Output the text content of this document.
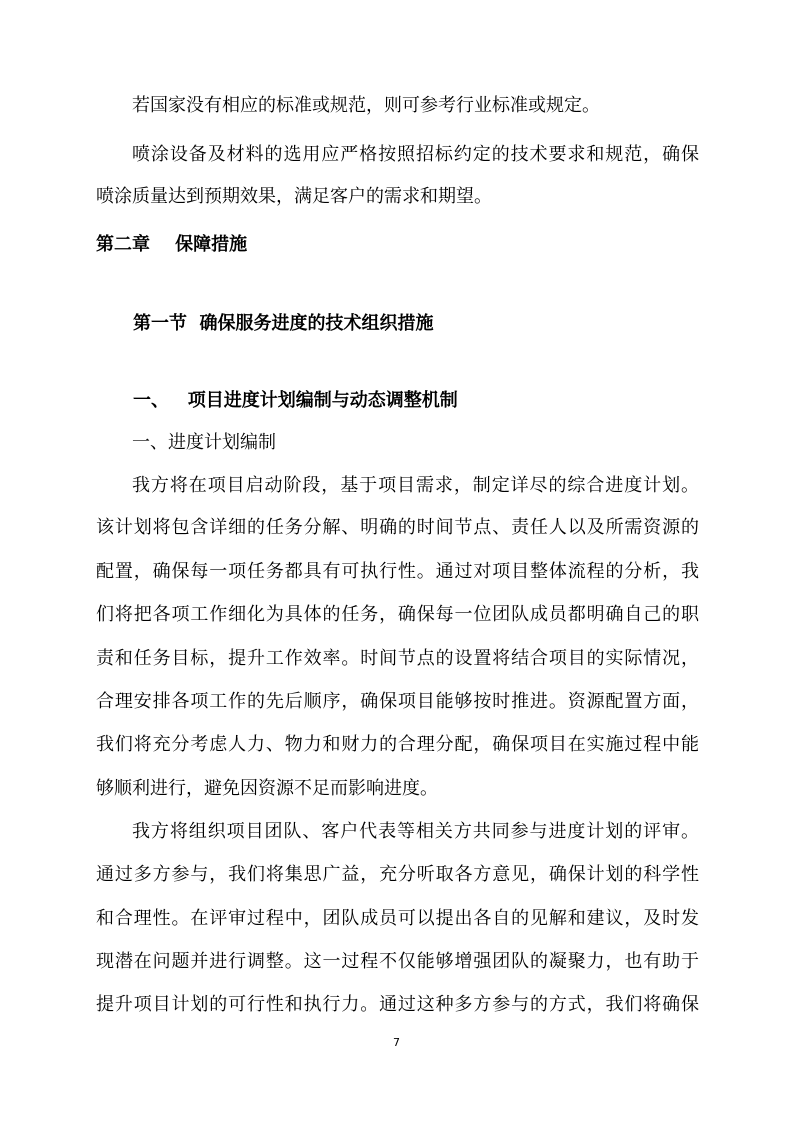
若国家没有相应的标准或规范，则可参考行业标准或规定。
喷涂设备及材料的选用应严格按照招标约定的技术要求和规范，确保
喷涂质量达到预期效果，满足客户的需求和期望。
第二章    保障措施
第一节  确保服务进度的技术组织措施
一、   项目进度计划编制与动态调整机制
一、进度计划编制
我方将在项目启动阶段，基于项目需求，制定详尽的综合进度计划。
该计划将包含详细的任务分解、明确的时间节点、责任人以及所需资源的
配置，确保每一项任务都具有可执行性。通过对项目整体流程的分析，我
们将把各项工作细化为具体的任务，确保每一位团队成员都明确自己的职
责和任务目标，提升工作效率。时间节点的设置将结合项目的实际情况，
合理安排各项工作的先后顺序，确保项目能够按时推进。资源配置方面，
我们将充分考虑人力、物力和财力的合理分配，确保项目在实施过程中能
够顺利进行，避免因资源不足而影响进度。
我方将组织项目团队、客户代表等相关方共同参与进度计划的评审。
通过多方参与，我们将集思广益，充分听取各方意见，确保计划的科学性
和合理性。在评审过程中，团队成员可以提出各自的见解和建议，及时发
现潜在问题并进行调整。这一过程不仅能够增强团队的凝聚力，也有助于
提升项目计划的可行性和执行力。通过这种多方参与的方式，我们将确保
7
